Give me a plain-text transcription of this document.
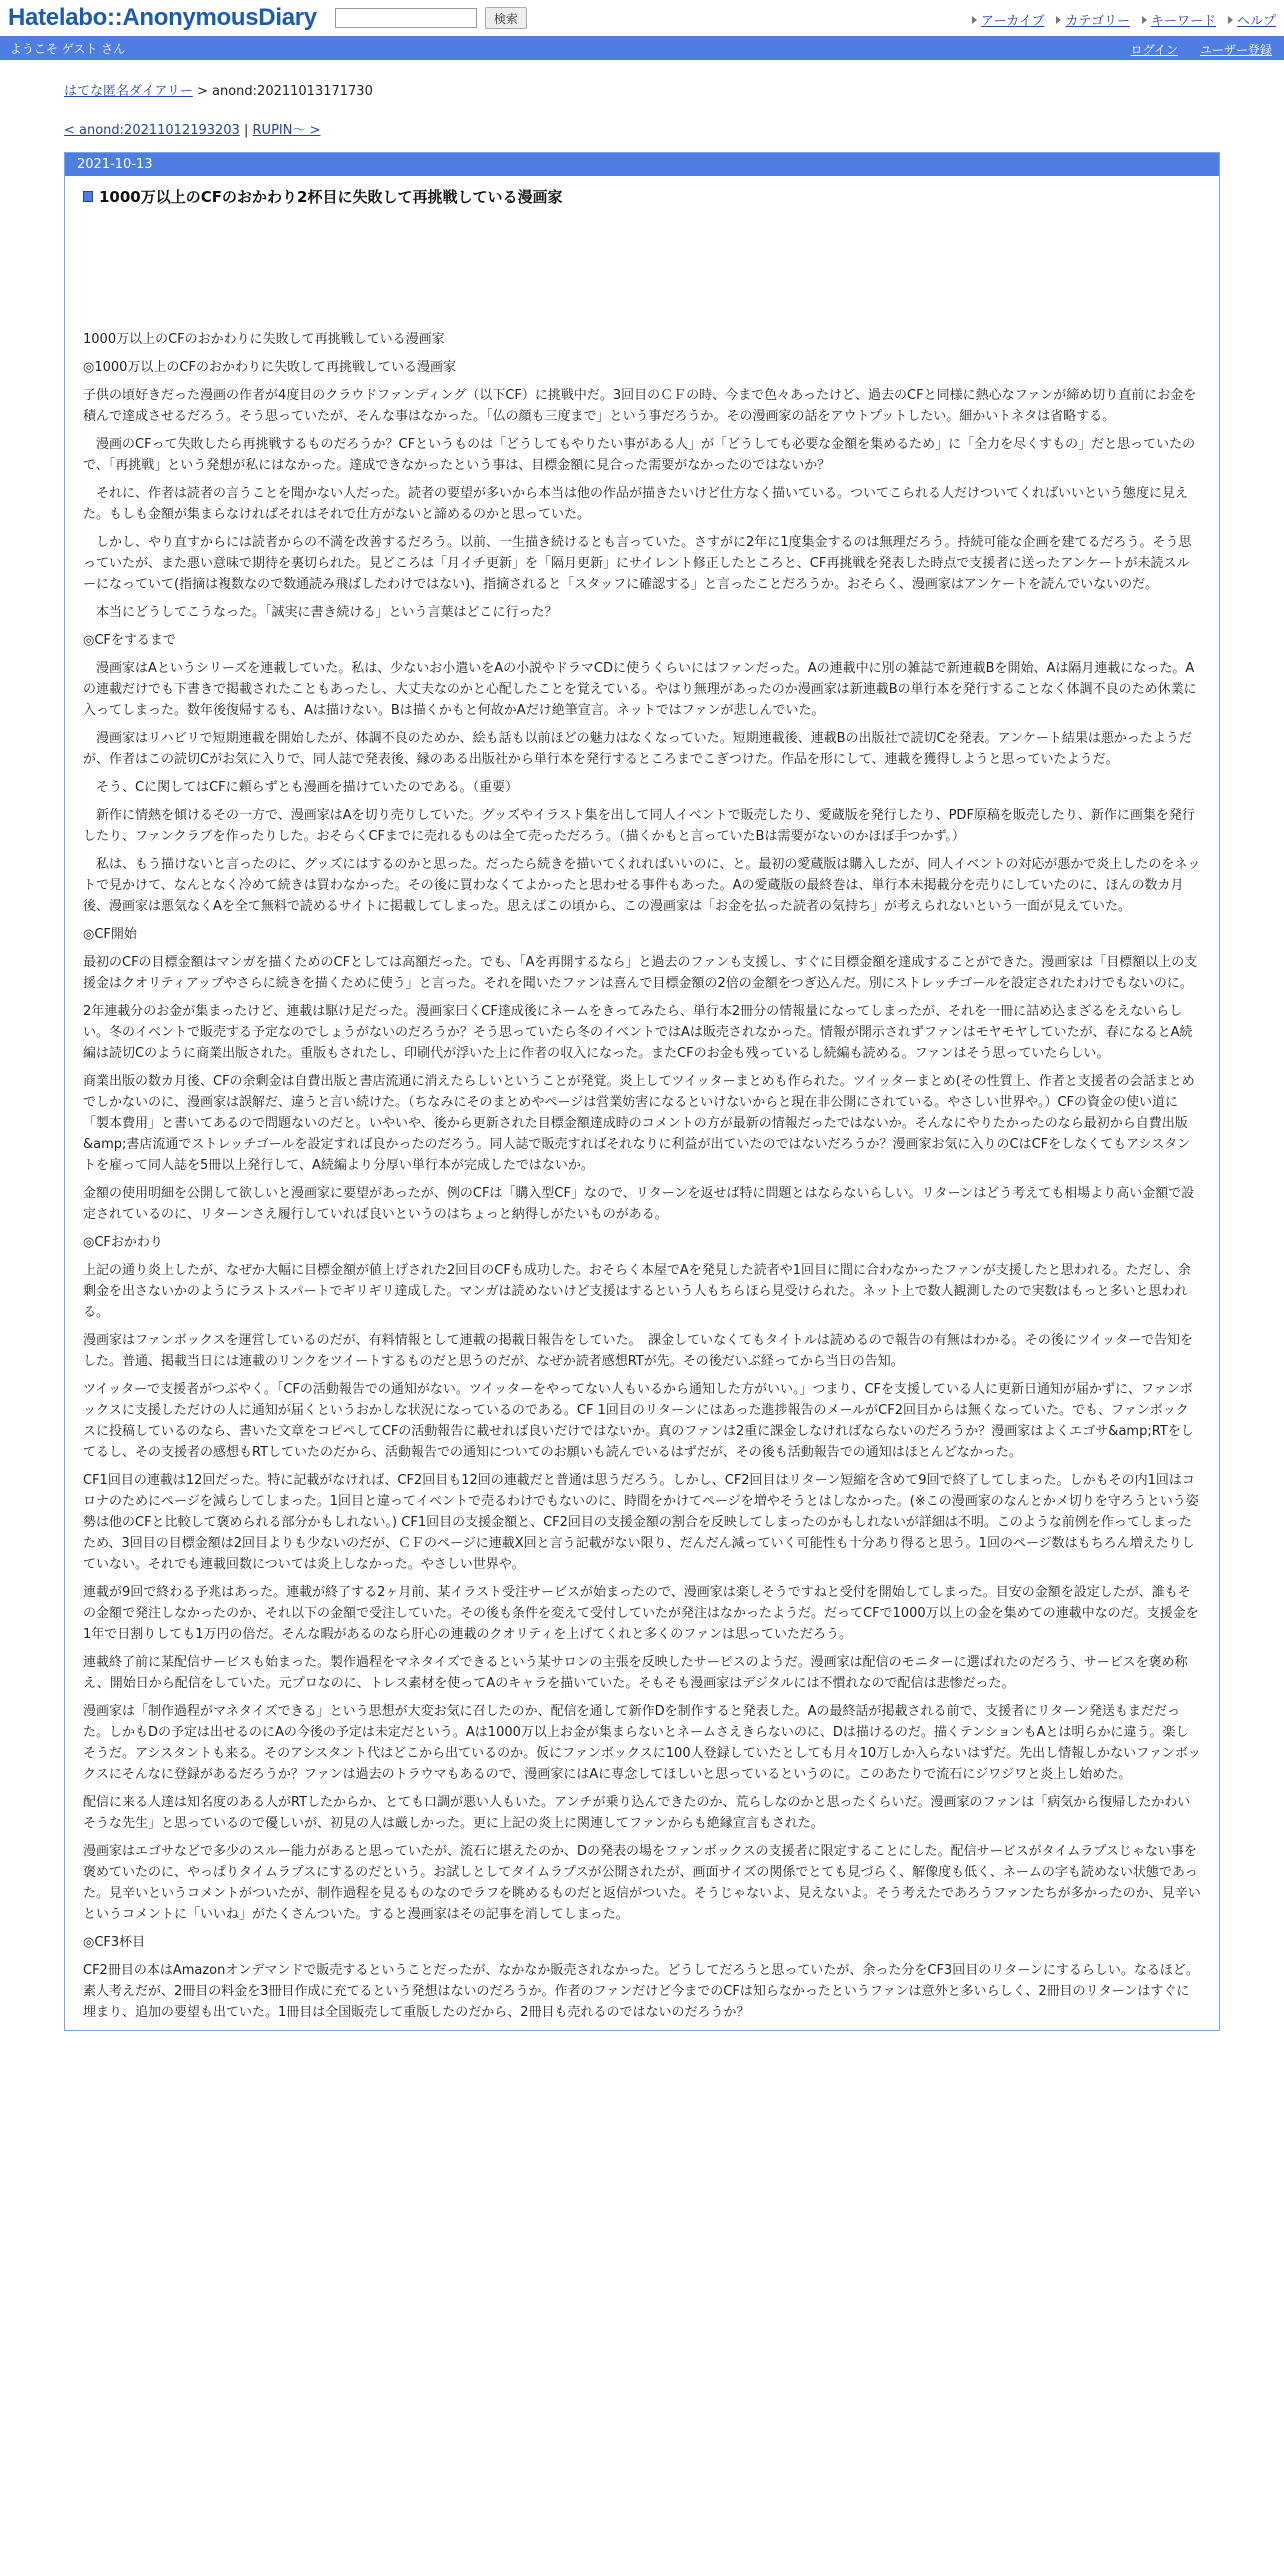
Hatelabo::AnonymousDiary	検索	アーカイブ カテゴリー キーワード ヘルプ
ようこそ ゲスト さん	ログイン ユーザー登録
はてな匿名ダイアリー > anond:20211013171730
< anond:20211012193203 | RUPIN～ >
2021-10-13
1000万以上のCFのおかわり2杯目に失敗して再挑戦している漫画家

1000万以上のCFのおかわりに失敗して再挑戦している漫画家

◎1000万以上のCFのおかわりに失敗して再挑戦している漫画家

子供の頃好きだった漫画の作者が4度目のクラウドファンディング（以下CF）に挑戦中だ。3回目のＣＦの時、今まで色々あったけど、過去のCFと同様に熱心なファンが締め切り直前にお金を積んで達成させるだろう。そう思っていたが、そんな事はなかった。「仏の顔も三度まで」という事だろうか。その漫画家の話をアウトプットしたい。細かいトネタは省略する。

　漫画のCFって失敗したら再挑戦するものだろうか？CFというものは「どうしてもやりたい事がある人」が「どうしても必要な金額を集めるため」に「全力を尽くすもの」だと思っていたので、「再挑戦」という発想が私にはなかった。達成できなかったという事は、目標金額に見合った需要がなかったのではないか？

　それに、作者は読者の言うことを聞かない人だった。読者の要望が多いから本当は他の作品が描きたいけど仕方なく描いている。ついてこられる人だけついてくればいいという態度に見えた。もしも金額が集まらなければそれはそれで仕方がないと諦めるのかと思っていた。

　しかし、やり直すからには読者からの不満を改善するだろう。以前、一生描き続けるとも言っていた。さすがに2年に1度集金するのは無理だろう。持続可能な企画を建てるだろう。そう思っていたが、また悪い意味で期待を裏切られた。見どころは「月イチ更新」を「隔月更新」にサイレント修正したところと、CF再挑戦を発表した時点で支援者に送ったアンケートが未読スルーになっていて(指摘は複数なので数通読み飛ばしたわけではない)、指摘されると「スタッフに確認する」と言ったことだろうか。おそらく、漫画家はアンケートを読んでいないのだ。

　本当にどうしてこうなった。「誠実に書き続ける」という言葉はどこに行った？

◎CFをするまで

　漫画家はAというシリーズを連載していた。私は、少ないお小遣いをAの小説やドラマCDに使うくらいにはファンだった。Aの連載中に別の雑誌で新連載Bを開始、Aは隔月連載になった。Aの連載だけでも下書きで掲載されたこともあったし、大丈夫なのかと心配したことを覚えている。やはり無理があったのか漫画家は新連載Bの単行本を発行することなく体調不良のため休業に入ってしまった。数年後復帰するも、Aは描けない。Bは描くかもと何故かAだけ絶筆宣言。ネットではファンが悲しんでいた。

　漫画家はリハビリで短期連載を開始したが、体調不良のためか、絵も話も以前ほどの魅力はなくなっていた。短期連載後、連載Bの出版社で読切Cを発表。アンケート結果は悪かったようだが、作者はこの読切Cがお気に入りで、同人誌で発表後、縁のある出版社から単行本を発行するところまでこぎつけた。作品を形にして、連載を獲得しようと思っていたようだ。

　そう、Cに関してはCFに頼らずとも漫画を描けていたのである。（重要）

　新作に情熱を傾けるその一方で、漫画家はAを切り売りしていた。グッズやイラスト集を出して同人イベントで販売したり、愛蔵版を発行したり、PDF原稿を販売したり、新作に画集を発行したり、ファンクラブを作ったりした。おそらくCFまでに売れるものは全て売っただろう。（描くかもと言っていたBは需要がないのかほぼ手つかず。）

　私は、もう描けないと言ったのに、グッズにはするのかと思った。だったら続きを描いてくれればいいのに、と。最初の愛蔵版は購入したが、同人イベントの対応が悪かで炎上したのをネットで見かけて、なんとなく冷めて続きは買わなかった。その後に買わなくてよかったと思わせる事件もあった。Aの愛蔵版の最終巻は、単行本未掲載分を売りにしていたのに、ほんの数カ月後、漫画家は悪気なくAを全て無料で読めるサイトに掲載してしまった。思えばこの頃から、この漫画家は「お金を払った読者の気持ち」が考えられないという一面が見えていた。

◎CF開始

最初のCFの目標金額はマンガを描くためのCFとしては高額だった。でも、「Aを再開するなら」と過去のファンも支援し、すぐに目標金額を達成することができた。漫画家は「目標額以上の支援金はクオリティアップやさらに続きを描くために使う」と言った。それを聞いたファンは喜んで目標金額の2倍の金額をつぎ込んだ。別にストレッチゴールを設定されたわけでもないのに。

2年連載分のお金が集まったけど、連載は駆け足だった。漫画家曰くCF達成後にネームをきってみたら、単行本2冊分の情報量になってしまったが、それを一冊に詰め込まざるをえないらしい。冬のイベントで販売する予定なのでしょうがないのだろうか？そう思っていたら冬のイベントではAは販売されなかった。情報が開示されずファンはモヤモヤしていたが、春になるとA続編は読切Cのように商業出版された。重版もされたし、印刷代が浮いた上に作者の収入になった。またCFのお金も残っているし続編も読める。ファンはそう思っていたらしい。

商業出版の数カ月後、CFの余剰金は自費出版と書店流通に消えたらしいということが発覚。炎上してツイッターまとめも作られた。ツイッターまとめ(その性質上、作者と支援者の会話まとめでしかないのに、漫画家は誤解だ、違うと言い続けた。（ちなみにそのまとめやページは営業妨害になるといけないからと現在非公開にされている。やさしい世界や。）CFの資金の使い道に「製本費用」と書いてあるので問題ないのだと。いやいや、後から更新された目標金額達成時のコメントの方が最新の情報だったではないか。そんなにやりたかったのなら最初から自費出版&amp;書店流通でストレッチゴールを設定すれば良かったのだろう。同人誌で販売すればそれなりに利益が出ていたのではないだろうか？漫画家お気に入りのCはCFをしなくてもアシスタントを雇って同人誌を5冊以上発行して、A続編より分厚い単行本が完成したではないか。

金額の使用明細を公開して欲しいと漫画家に要望があったが、例のCFは「購入型CF」なので、リターンを返せば特に問題とはならないらしい。リターンはどう考えても相場より高い金額で設定されているのに、リターンさえ履行していれば良いというのはちょっと納得しがたいものがある。

◎CFおかわり

上記の通り炎上したが、なぜか大幅に目標金額が値上げされた2回目のCFも成功した。おそらく本屋でAを発見した読者や1回目に間に合わなかったファンが支援したと思われる。ただし、余剰金を出さないかのようにラストスパートでギリギリ達成した。マンガは読めないけど支援はするという人もちらほら見受けられた。ネット上で数人観測したので実数はもっと多いと思われる。

漫画家はファンボックスを運営しているのだが、有料情報として連載の掲載日報告をしていた。　課金していなくてもタイトルは読めるので報告の有無はわかる。その後にツイッターで告知をした。普通、掲載当日には連載のリンクをツイートするものだと思うのだが、なぜか読者感想RTが先。その後だいぶ経ってから当日の告知。

ツイッターで支援者がつぶやく。「CFの活動報告での通知がない。ツイッターをやってない人もいるから通知した方がいい。」つまり、CFを支援している人に更新日通知が届かずに、ファンボックスに支援しただけの人に通知が届くというおかしな状況になっているのである。CF 1回目のリターンにはあった進捗報告のメールがCF2回目からは無くなっていた。でも、ファンボックスに投稿しているのなら、書いた文章をコピペしてCFの活動報告に載せれば良いだけではないか。真のファンは2重に課金しなければならないのだろうか？漫画家はよくエゴサ&amp;RTをしてるし、その支援者の感想もRTしていたのだから、活動報告での通知についてのお願いも読んでいるはずだが、その後も活動報告での通知はほとんどなかった。

CF1回目の連載は12回だった。特に記載がなければ、CF2回目も12回の連載だと普通は思うだろう。しかし、CF2回目はリターン短縮を含めて9回で終了してしまった。しかもその内1回はコロナのためにページを減らしてしまった。1回目と違ってイベントで売るわけでもないのに、時間をかけてページを増やそうとはしなかった。(※この漫画家のなんとかメ切りを守ろうという姿勢は他のCFと比較して褒められる部分かもしれない。) CF1回目の支援金額と、CF2回目の支援金額の割合を反映してしまったのかもしれないが詳細は不明。このような前例を作ってしまったため、3回目の目標金額は2回目よりも少ないのだが、ＣＦのページに連載X回と言う記載がない限り、だんだん減っていく可能性も十分あり得ると思う。1回のページ数はもちろん増えたりしていない。それでも連載回数については炎上しなかった。やさしい世界や。

連載が9回で終わる予兆はあった。連載が終了する2ヶ月前、某イラスト受注サービスが始まったので、漫画家は楽しそうですねと受付を開始してしまった。目安の金額を設定したが、誰もその金額で発注しなかったのか、それ以下の金額で受注していた。その後も条件を変えて受付していたが発注はなかったようだ。だってCFで1000万以上の金を集めての連載中なのだ。支援金を1年で日割りしても1万円の倍だ。そんな暇があるのなら肝心の連載のクオリティを上げてくれと多くのファンは思っていただろう。

連載終了前に某配信サービスも始まった。製作過程をマネタイズできるという某サロンの主張を反映したサービスのようだ。漫画家は配信のモニターに選ばれたのだろう、サービスを褒め称え、開始日から配信をしていた。元プロなのに、トレス素材を使ってAのキャラを描いていた。そもそも漫画家はデジタルには不慣れなので配信は悲惨だった。

漫画家は「制作過程がマネタイズできる」という思想が大変お気に召したのか、配信を通して新作Dを制作すると発表した。Aの最終話が掲載される前で、支援者にリターン発送もまだだった。しかもDの予定は出せるのにAの今後の予定は未定だという。Aは1000万以上お金が集まらないとネームさえきらないのに、Dは描けるのだ。描くテンションもAとは明らかに違う。楽しそうだ。アシスタントも来る。そのアシスタント代はどこから出ているのか。仮にファンボックスに100人登録していたとしても月々10万しか入らないはずだ。先出し情報しかないファンボックスにそんなに登録があるだろうか？ファンは過去のトラウマもあるので、漫画家にはAに専念してほしいと思っているというのに。このあたりで流石にジワジワと炎上し始めた。

配信に来る人達は知名度のある人がRTしたからか、とても口調が悪い人もいた。アンチが乗り込んできたのか、荒らしなのかと思ったくらいだ。漫画家のファンは「病気から復帰したかわいそうな先生」と思っているので優しいが、初見の人は厳しかった。更に上記の炎上に関連してファンからも絶縁宣言もされた。

漫画家はエゴサなどで多少のスルー能力があると思っていたが、流石に堪えたのか、Dの発表の場をファンボックスの支援者に限定することにした。配信サービスがタイムラプスじゃない事を褒めていたのに、やっぱりタイムラプスにするのだという。お試しとしてタイムラプスが公開されたが、画面サイズの関係でとても見づらく、解像度も低く、ネームの字も読めない状態であった。見辛いというコメントがついたが、制作過程を見るものなのでラフを眺めるものだと返信がついた。そうじゃないよ、見えないよ。そう考えたであろうファンたちが多かったのか、見辛いというコメントに「いいね」がたくさんついた。すると漫画家はその記事を消してしまった。

◎CF3杯目

CF2冊目の本はAmazonオンデマンドで販売するということだったが、なかなか販売されなかった。どうしてだろうと思っていたが、余った分をCF3回目のリターンにするらしい。なるほど。素人考えだが、2冊目の料金を3冊目作成に充てるという発想はないのだろうか。作者のファンだけど今までのCFは知らなかったというファンは意外と多いらしく、2冊目のリターンはすぐに埋まり、追加の要望も出ていた。1冊目は全国販売して重版したのだから、2冊目も売れるのではないのだろうか？
